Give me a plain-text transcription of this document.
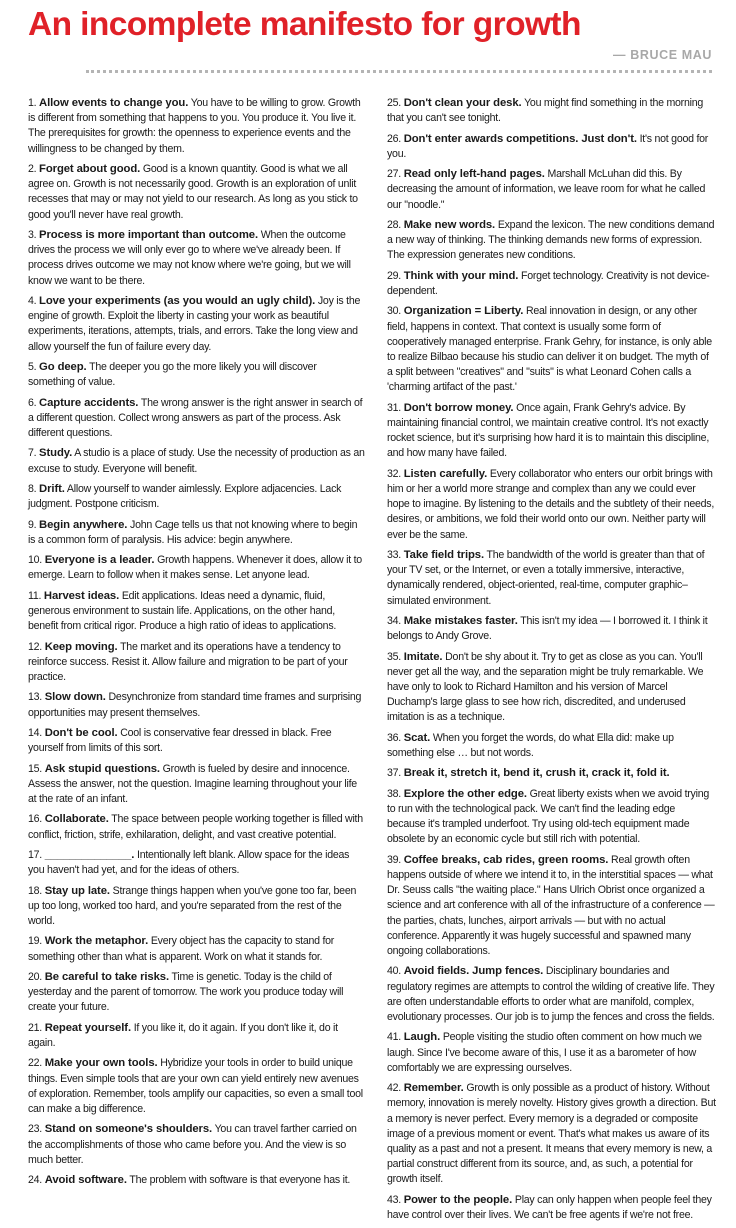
An incomplete manifesto for growth
— BRUCE MAU

1. Allow events to change you. You have to be willing to grow. Growth is different from something that happens to you. You produce it. You live it. The prerequisites for growth: the openness to experience events and the willingness to be changed by them.

2. Forget about good. Good is a known quantity. Good is what we all agree on. Growth is not necessarily good. Growth is an exploration of unlit recesses that may or may not yield to our research. As long as you stick to good you'll never have real growth.

3. Process is more important than outcome. When the outcome drives the process we will only ever go to where we've already been. If process drives outcome we may not know where we're going, but we will know we want to be there.

4. Love your experiments (as you would an ugly child). Joy is the engine of growth. Exploit the liberty in casting your work as beautiful experiments, iterations, attempts, trials, and errors. Take the long view and allow yourself the fun of failure every day.

5. Go deep. The deeper you go the more likely you will discover something of value.

6. Capture accidents. The wrong answer is the right answer in search of a different question. Collect wrong answers as part of the process. Ask different questions.

7. Study. A studio is a place of study. Use the necessity of production as an excuse to study. Everyone will benefit.

8. Drift. Allow yourself to wander aimlessly. Explore adjacencies. Lack judgment. Postpone criticism.

9. Begin anywhere. John Cage tells us that not knowing where to begin is a common form of paralysis. His advice: begin anywhere.

10. Everyone is a leader. Growth happens. Whenever it does, allow it to emerge. Learn to follow when it makes sense. Let anyone lead.

11. Harvest ideas. Edit applications. Ideas need a dynamic, fluid, generous environment to sustain life. Applications, on the other hand, benefit from critical rigor. Produce a high ratio of ideas to applications.

12. Keep moving. The market and its operations have a tendency to reinforce success. Resist it. Allow failure and migration to be part of your practice.

13. Slow down. Desynchronize from standard time frames and surprising opportunities may present themselves.

14. Don't be cool. Cool is conservative fear dressed in black. Free yourself from limits of this sort.

15. Ask stupid questions. Growth is fueled by desire and innocence. Assess the answer, not the question. Imagine learning throughout your life at the rate of an infant.

16. Collaborate. The space between people working together is filled with conflict, friction, strife, exhilaration, delight, and vast creative potential.

17. ______________. Intentionally left blank. Allow space for the ideas you haven't had yet, and for the ideas of others.

18. Stay up late. Strange things happen when you've gone too far, been up too long, worked too hard, and you're separated from the rest of the world.

19. Work the metaphor. Every object has the capacity to stand for something other than what is apparent. Work on what it stands for.

20. Be careful to take risks. Time is genetic. Today is the child of yesterday and the parent of tomorrow. The work you produce today will create your future.

21. Repeat yourself. If you like it, do it again. If you don't like it, do it again.

22. Make your own tools. Hybridize your tools in order to build unique things. Even simple tools that are your own can yield entirely new avenues of exploration. Remember, tools amplify our capacities, so even a small tool can make a big difference.

23. Stand on someone's shoulders. You can travel farther carried on the accomplishments of those who came before you. And the view is so much better.

24. Avoid software. The problem with software is that everyone has it.

25. Don't clean your desk. You might find something in the morning that you can't see tonight.

26. Don't enter awards competitions. Just don't. It's not good for you.

27. Read only left-hand pages. Marshall McLuhan did this. By decreasing the amount of information, we leave room for what he called our "noodle."

28. Make new words. Expand the lexicon. The new conditions demand a new way of thinking. The thinking demands new forms of expression. The expression generates new conditions.

29. Think with your mind. Forget technology. Creativity is not device-dependent.

30. Organization = Liberty. Real innovation in design, or any other field, happens in context. That context is usually some form of cooperatively managed enterprise. Frank Gehry, for instance, is only able to realize Bilbao because his studio can deliver it on budget. The myth of a split between "creatives" and "suits" is what Leonard Cohen calls a 'charming artifact of the past.'

31. Don't borrow money. Once again, Frank Gehry's advice. By maintaining financial control, we maintain creative control. It's not exactly rocket science, but it's surprising how hard it is to maintain this discipline, and how many have failed.

32. Listen carefully. Every collaborator who enters our orbit brings with him or her a world more strange and complex than any we could ever hope to imagine. By listening to the details and the subtlety of their needs, desires, or ambitions, we fold their world onto our own. Neither party will ever be the same.

33. Take field trips. The bandwidth of the world is greater than that of your TV set, or the Internet, or even a totally immersive, interactive, dynamically rendered, object-oriented, real-time, computer graphic–simulated environment.

34. Make mistakes faster. This isn't my idea — I borrowed it. I think it belongs to Andy Grove.

35. Imitate. Don't be shy about it. Try to get as close as you can. You'll never get all the way, and the separation might be truly remarkable. We have only to look to Richard Hamilton and his version of Marcel Duchamp's large glass to see how rich, discredited, and underused imitation is as a technique.

36. Scat. When you forget the words, do what Ella did: make up something else … but not words.

37. Break it, stretch it, bend it, crush it, crack it, fold it.

38. Explore the other edge. Great liberty exists when we avoid trying to run with the technological pack. We can't find the leading edge because it's trampled underfoot. Try using old-tech equipment made obsolete by an economic cycle but still rich with potential.

39. Coffee breaks, cab rides, green rooms. Real growth often happens outside of where we intend it to, in the interstitial spaces — what Dr. Seuss calls "the waiting place." Hans Ulrich Obrist once organized a science and art conference with all of the infrastructure of a conference — the parties, chats, lunches, airport arrivals — but with no actual conference. Apparently it was hugely successful and spawned many ongoing collaborations.

40. Avoid fields. Jump fences. Disciplinary boundaries and regulatory regimes are attempts to control the wilding of creative life. They are often understandable efforts to order what are manifold, complex, evolutionary processes. Our job is to jump the fences and cross the fields.

41. Laugh. People visiting the studio often comment on how much we laugh. Since I've become aware of this, I use it as a barometer of how comfortably we are expressing ourselves.

42. Remember. Growth is only possible as a product of history. Without memory, innovation is merely novelty. History gives growth a direction. But a memory is never perfect. Every memory is a degraded or composite image of a previous moment or event. That's what makes us aware of its quality as a past and not a present. It means that every memory is new, a partial construct different from its source, and, as such, a potential for growth itself.

43. Power to the people. Play can only happen when people feel they have control over their lives. We can't be free agents if we're not free.
